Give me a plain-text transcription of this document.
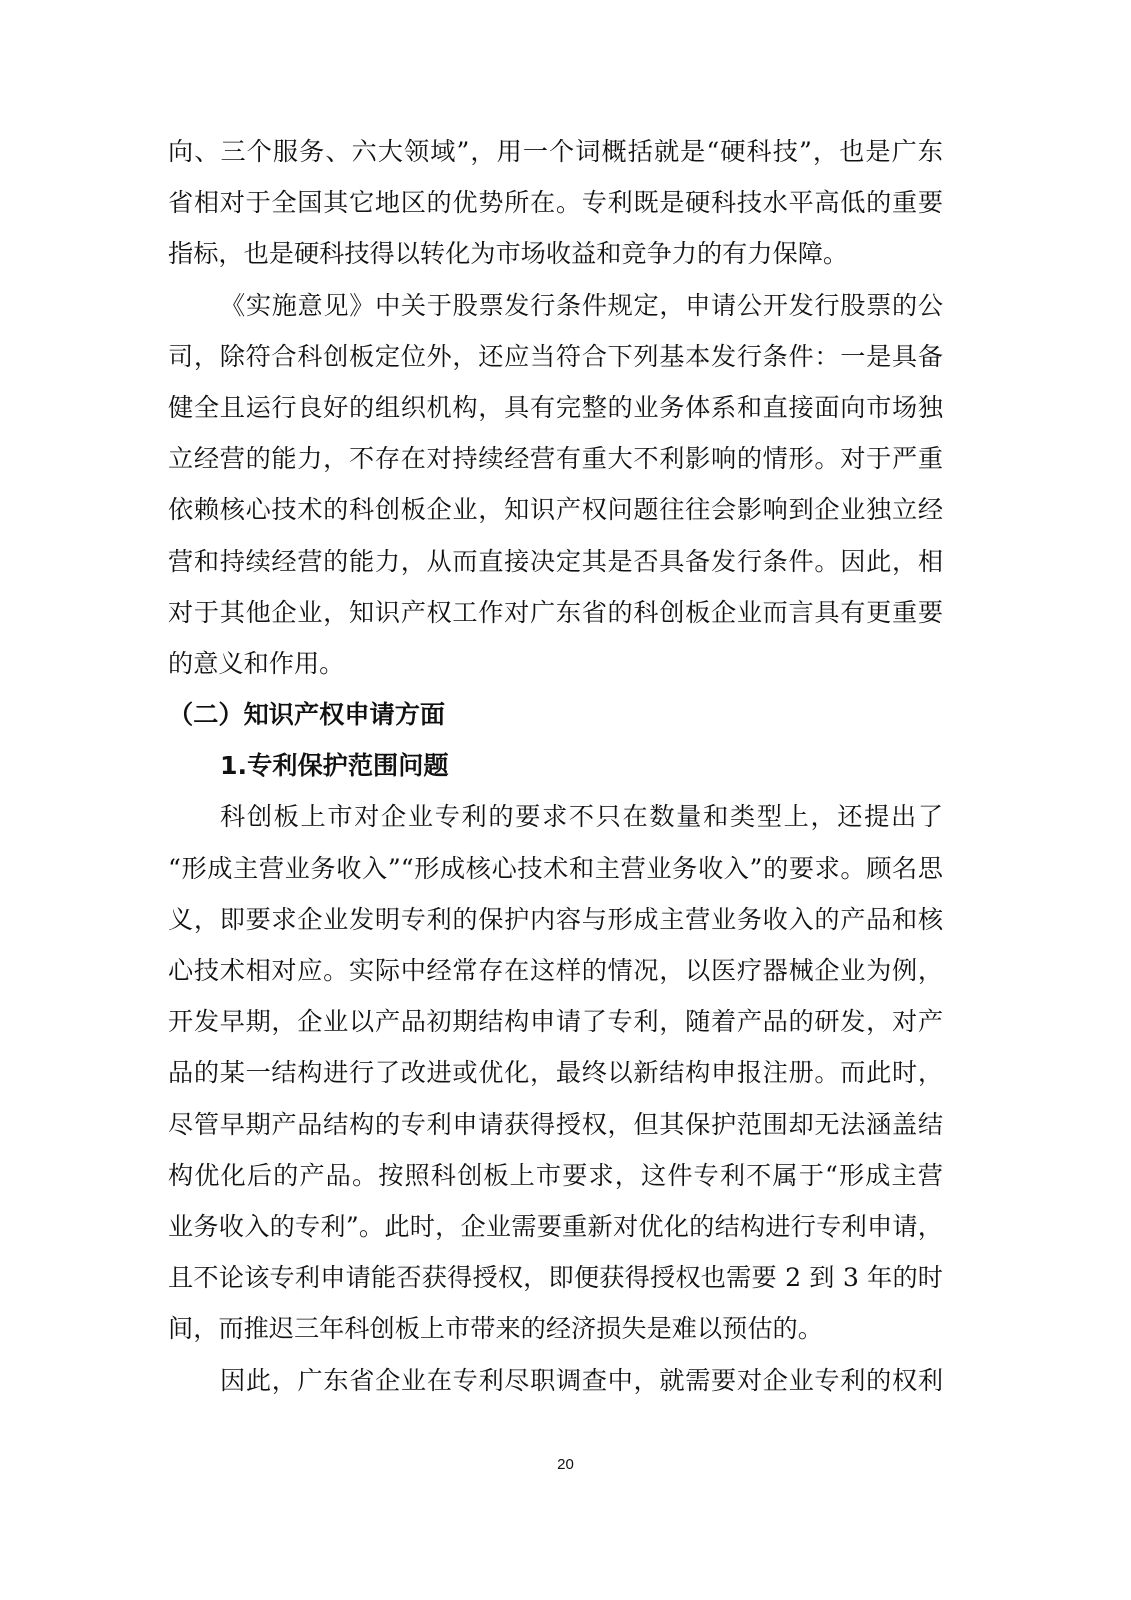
向、三个服务、六大领域”，用一个词概括就是“硬科技”，也是广东
省相对于全国其它地区的优势所在。专利既是硬科技水平高低的重要
指标，也是硬科技得以转化为市场收益和竞争力的有力保障。
《实施意见》中关于股票发行条件规定，申请公开发行股票的公
司，除符合科创板定位外，还应当符合下列基本发行条件：一是具备
健全且运行良好的组织机构，具有完整的业务体系和直接面向市场独
立经营的能力，不存在对持续经营有重大不利影响的情形。对于严重
依赖核心技术的科创板企业，知识产权问题往往会影响到企业独立经
营和持续经营的能力，从而直接决定其是否具备发行条件。因此，相
对于其他企业，知识产权工作对广东省的科创板企业而言具有更重要
的意义和作用。
（二）知识产权申请方面
1.专利保护范围问题
科创板上市对企业专利的要求不只在数量和类型上，还提出了
“形成主营业务收入”“形成核心技术和主营业务收入”的要求。顾名思
义，即要求企业发明专利的保护内容与形成主营业务收入的产品和核
心技术相对应。实际中经常存在这样的情况，以医疗器械企业为例，
开发早期，企业以产品初期结构申请了专利，随着产品的研发，对产
品的某一结构进行了改进或优化，最终以新结构申报注册。而此时，
尽管早期产品结构的专利申请获得授权，但其保护范围却无法涵盖结
构优化后的产品。按照科创板上市要求，这件专利不属于“形成主营
业务收入的专利”。此时，企业需要重新对优化的结构进行专利申请，
且不论该专利申请能否获得授权，即便获得授权也需要 2 到 3 年的时
间，而推迟三年科创板上市带来的经济损失是难以预估的。
因此，广东省企业在专利尽职调查中，就需要对企业专利的权利
20
